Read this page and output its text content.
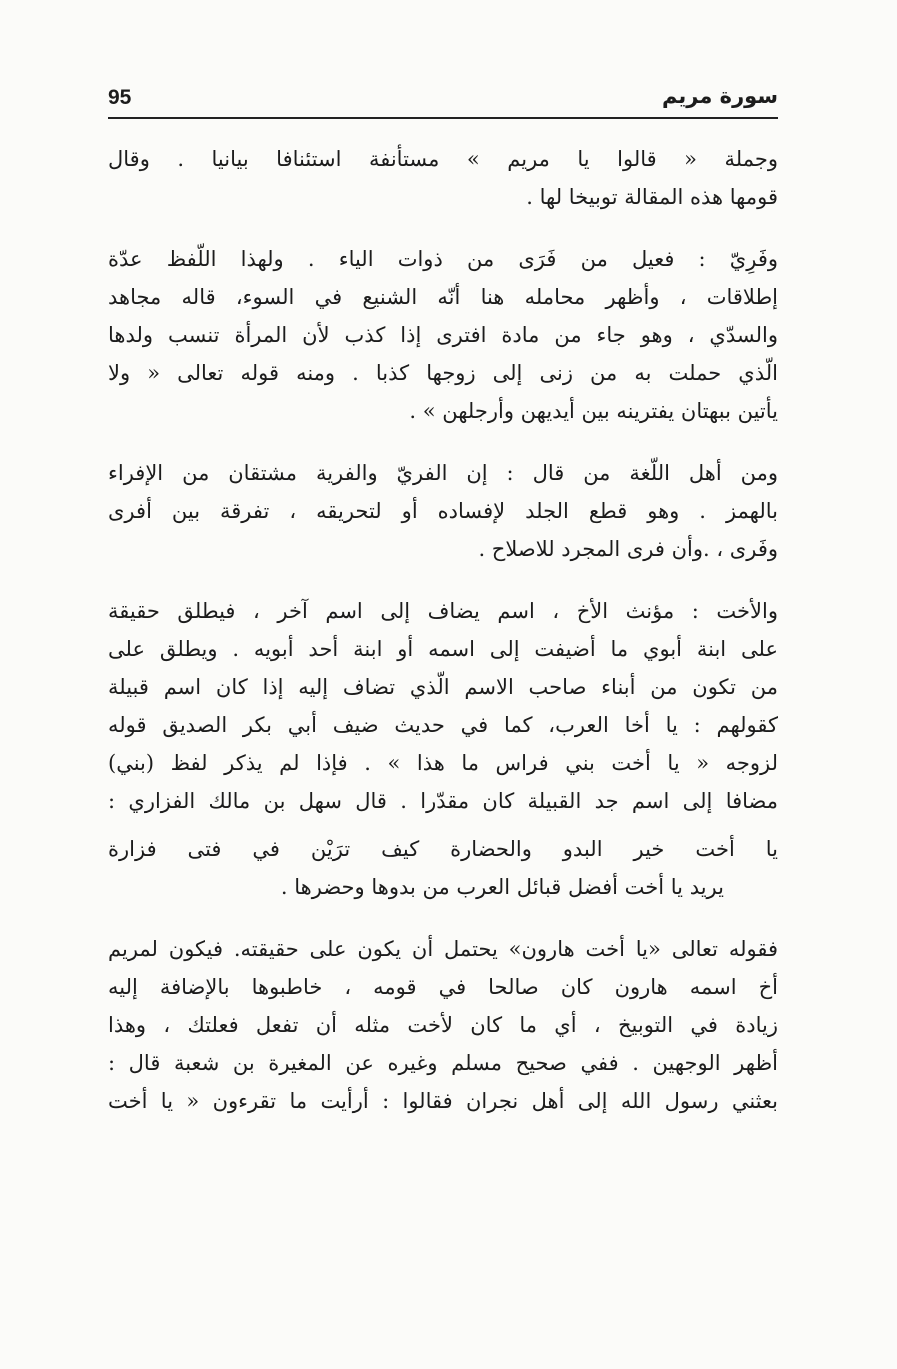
95	سورة مريم
وجملة « قالوا يا مريم » مستأنفة استئنافا بيانيا . وقال
قومها هذه المقالة توبيخا لها .
وفَرِيّ : فعيل من فَرَى من ذوات الياء . ولهذا اللّفظ عدّة
إطلاقات ، وأظهر محامله هنا أنّه الشنيع في السوء، قاله مجاهد
والسدّي ، وهو جاء من مادة افترى إذا كذب لأن المرأة تنسب ولدها
الّذي حملت به من زنى إلى زوجها كذبا . ومنه قوله تعالى « ولا
يأتين ببهتان يفترينه بين أيديهن وأرجلهن » .
ومن أهل اللّغة من قال : إن الفريّ والفرية مشتقان من الإفراء
بالهمز . وهو قطع الجلد لإفساده أو لتحريقه ، تفرقة بين أفرى
وفَرى ، .وأن فرى المجرد للاصلاح .
والأخت : مؤنث الأخ ، اسم يضاف إلى اسم آخر ، فيطلق حقيقة
على ابنة أبوي ما أضيفت إلى اسمه أو ابنة أحد أبويه . ويطلق على
من تكون من أبناء صاحب الاسم الّذي تضاف إليه إذا كان اسم قبيلة
كقولهم : يا أخا العرب، كما في حديث ضيف أبي بكر الصديق قوله
لزوجه « يا أخت بني فراس ما هذا » . فإذا لم يذكر لفظ (بني)
مضافا إلى اسم جد القبيلة كان مقدّرا . قال سهل بن مالك الفزاري :
يا أخت خير البدو والحضارة كيف ترَيْن في فتى فزارة
يريد يا أخت أفضل قبائل العرب من بدوها وحضرها .
فقوله تعالى «يا أخت هارون» يحتمل أن يكون على حقيقته. فيكون لمريم
أخ اسمه هارون كان صالحا في قومه ، خاطبوها بالإضافة إليه
زيادة في التوبيخ ، أي ما كان لأخت مثله أن تفعل فعلتك ، وهذا
أظهر الوجهين . ففي صحيح مسلم وغيره عن المغيرة بن شعبة قال :
بعثني رسول الله إلى أهل نجران فقالوا : أرأيت ما تقرءون « يا أخت
